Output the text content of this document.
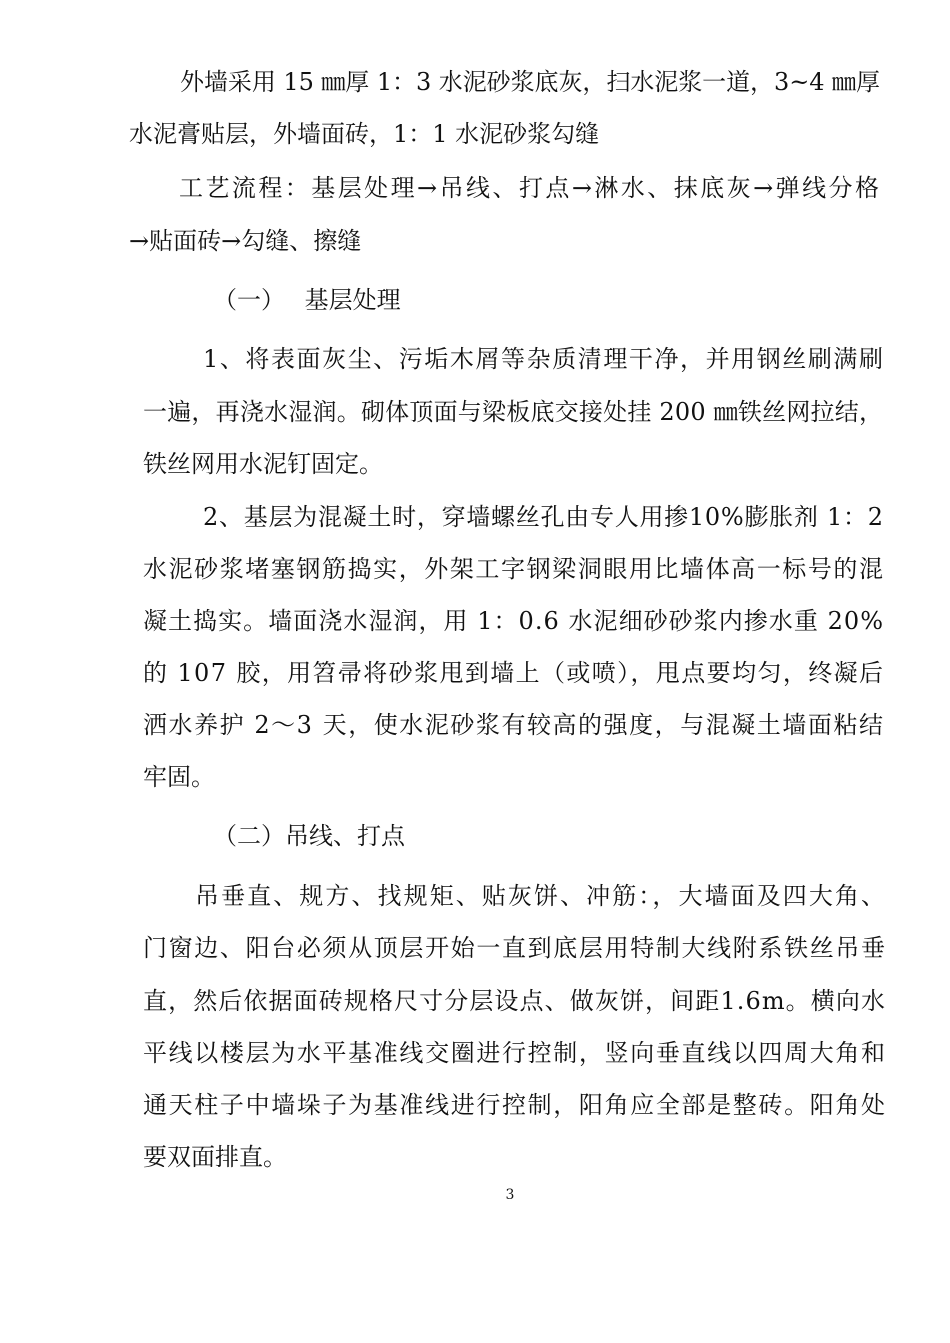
外墙采用 15 ㎜厚 1：3 水泥砂浆底灰，扫水泥浆一道，3~4 ㎜厚

水泥膏贴层，外墙面砖，1：1 水泥砂浆勾缝

工艺流程：基层处理→吊线、打点→淋水、抹底灰→弹线分格

→贴面砖→勾缝、擦缝

（一）　 基层处理

1、将表面灰尘、污垢木屑等杂质清理干净，并用钢丝刷满刷

一遍，再浇水湿润。砌体顶面与梁板底交接处挂 200 ㎜铁丝网拉结，

铁丝网用水泥钉固定。

2、基层为混凝土时，穿墙螺丝孔由专人用掺10%膨胀剂 1：2

水泥砂浆堵塞钢筋捣实，外架工字钢梁洞眼用比墙体高一标号的混

凝土捣实。墙面浇水湿润，用 1：0.6 水泥细砂砂浆内掺水重 20%

的 107 胶，用笤帚将砂浆甩到墙上（或喷），甩点要均匀，终凝后

洒水养护 2～3 天，使水泥砂浆有较高的强度，与混凝土墙面粘结

牢固。

（二）吊线、打点

吊垂直、规方、找规矩、贴灰饼、冲筋：，大墙面及四大角、

门窗边、阳台必须从顶层开始一直到底层用特制大线附系铁丝吊垂

直，然后依据面砖规格尺寸分层设点、做灰饼，间距1.6m。横向水

平线以楼层为水平基准线交圈进行控制，竖向垂直线以四周大角和

通天柱子中墙垛子为基准线进行控制，阳角应全部是整砖。阳角处

要双面排直。

3
